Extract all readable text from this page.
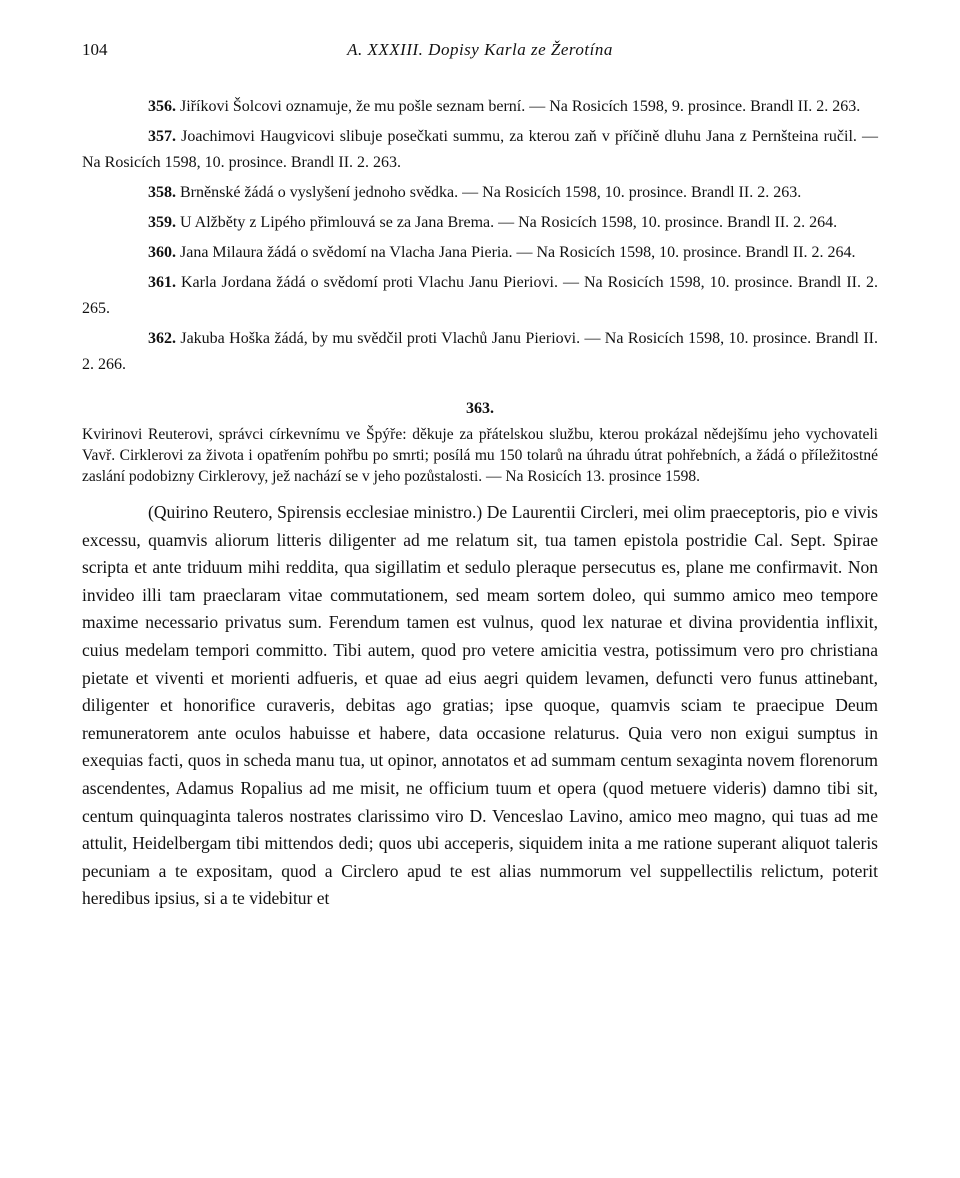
104	A. XXXIII. Dopisy Karla ze Žerotína

356. Jiříkovi Šolcovi oznamuje, že mu pošle seznam berní. — Na Rosicích 1598, 9. prosince. Brandl II. 2. 263.

357. Joachimovi Haugvicovi slibuje posečkati summu, za kterou zaň v příčině dluhu Jana z Pernšteina ručil. — Na Rosicích 1598, 10. prosince. Brandl II. 2. 263.

358. Brněnské žádá o vyslyšení jednoho svědka. — Na Rosicích 1598, 10. prosince. Brandl II. 2. 263.

359. U Alžběty z Lipého přimlouvá se za Jana Brema. — Na Rosicích 1598, 10. prosince. Brandl II. 2. 264.

360. Jana Milaura žádá o svědomí na Vlacha Jana Pieria. — Na Rosicích 1598, 10. prosince. Brandl II. 2. 264.

361. Karla Jordana žádá o svědomí proti Vlachu Janu Pieriovi. — Na Rosicích 1598, 10. prosince. Brandl II. 2. 265.

362. Jakuba Hoška žádá, by mu svědčil proti Vlachů Janu Pieriovi. — Na Rosicích 1598, 10. prosince. Brandl II. 2. 266.

363.

Kvirinovi Reuterovi, správci církevnímu ve Špýře: děkuje za přátelskou službu, kterou prokázal nědejšímu jeho vychovateli Vavř. Cirklerovi za života i opatřením pohřbu po smrti; posílá mu 150 tolarů na úhradu útrat pohřebních, a žádá o příležitostné zaslání podobizny Cirklerovy, jež nachází se v jeho pozůstalosti. — Na Rosicích 13. prosince 1598.

(Quirino Reutero, Spirensis ecclesiae ministro.) De Laurentii Circleri, mei olim praeceptoris, pio e vivis excessu, quamvis aliorum litteris diligenter ad me relatum sit, tua tamen epistola postridie Cal. Sept. Spirae scripta et ante triduum mihi reddita, qua sigillatim et sedulo pleraque persecutus es, plane me confirmavit. Non invideo illi tam praeclaram vitae commutationem, sed meam sortem doleo, qui summo amico meo tempore maxime necessario privatus sum. Ferendum tamen est vulnus, quod lex naturae et divina providentia inflixit, cuius medelam tempori committo. Tibi autem, quod pro vetere amicitia vestra, potissimum vero pro christiana pietate et viventi et morienti adfueris, et quae ad eius aegri quidem levamen, defuncti vero funus attinebant, diligenter et honorifice curaveris, debitas ago gratias; ipse quoque, quamvis sciam te praecipue Deum remuneratorem ante oculos habuisse et habere, data occasione relaturus. Quia vero non exigui sumptus in exequias facti, quos in scheda manu tua, ut opinor, annotatos et ad summam centum sexaginta novem florenorum ascendentes, Adamus Ropalius ad me misit, ne officium tuum et opera (quod metuere videris) damno tibi sit, centum quinquaginta taleros nostrates clarissimo viro D. Venceslao Lavino, amico meo magno, qui tuas ad me attulit, Heidelbergam tibi mittendos dedi; quos ubi acceperis, siquidem inita a me ratione superant aliquot taleris pecuniam a te expositam, quod a Circlero apud te est alias nummorum vel suppellectilis relictum, poterit heredibus ipsius, si a te videbitur et
